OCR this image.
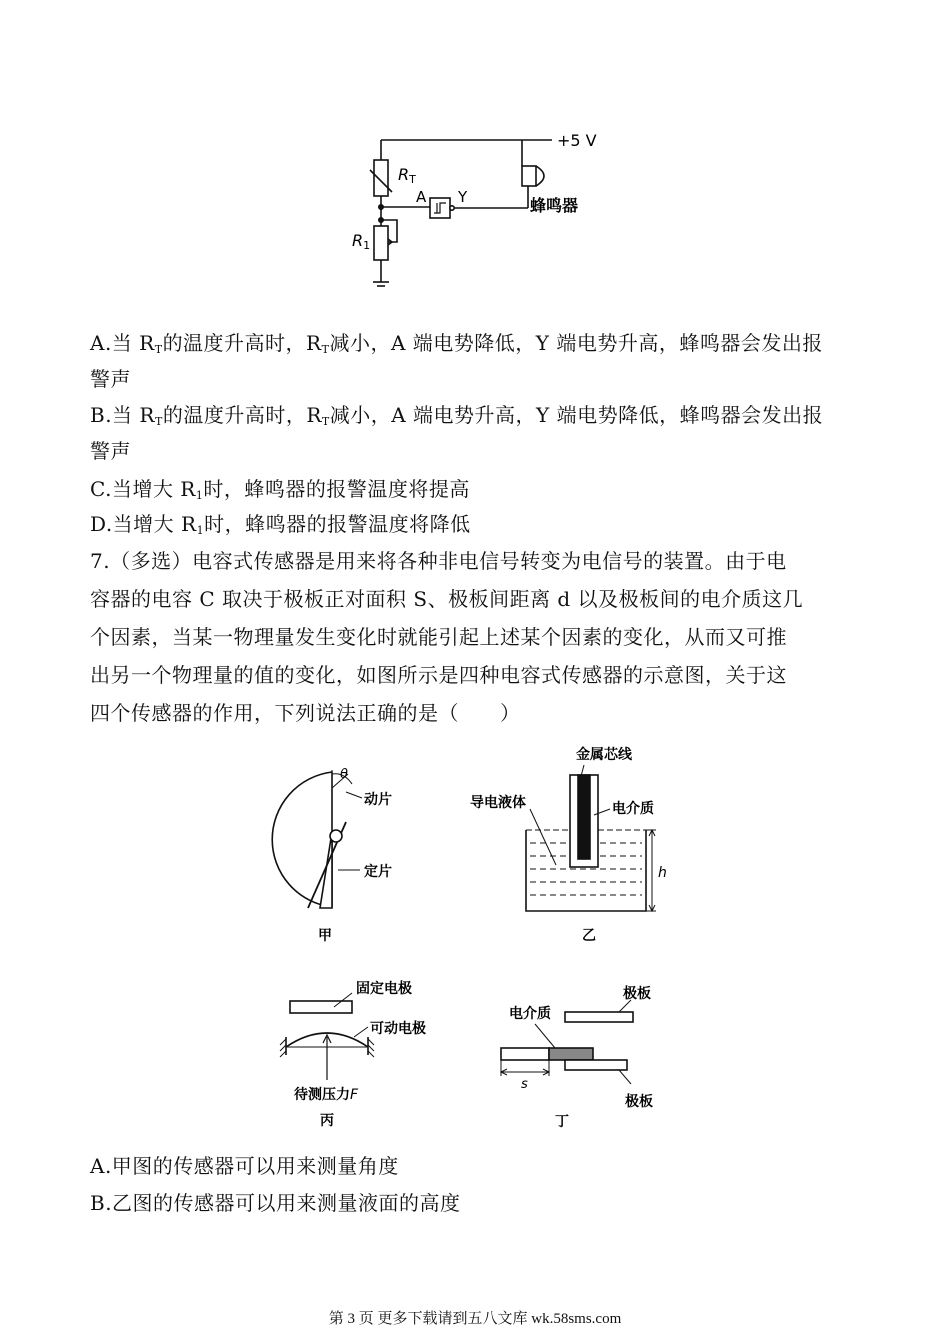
+5 V
RT
R1
A Y	蜂鸣器
A.当 $R_T$的温度升高时，$R_T$减小，A 端电势降低，Y 端电势升高，蜂鸣器会发出报
警声
B.当 $R_T$的温度升高时，$R_T$减小，A 端电势升高，Y 端电势降低，蜂鸣器会发出报
警声
C.当增大 $R_1$时，蜂鸣器的报警温度将提高
D.当增大 $R_1$时，蜂鸣器的报警温度将降低
7.（多选）电容式传感器是用来将各种非电信号转变为电信号的装置。由于电
容器的电容 C 取决于极板正对面积 S、极板间距离 d 以及极板间的电介质这几
个因素，当某一物理量发生变化时就能引起上述某个因素的变化，从而又可推
出另一个物理量的值的变化，如图所示是四种电容式传感器的示意图，关于这
四个传感器的作用，下列说法正确的是（　　）
θ
动片
定片
甲
金属芯线
导电液体	电介质
h
乙
固定电极
可动电极
待测压力F
丙
极板
电介质
s
极板
丁
A.甲图的传感器可以用来测量角度
B.乙图的传感器可以用来测量液面的高度
第 3 页 更多下载请到五八文库 wk.58sms.com
